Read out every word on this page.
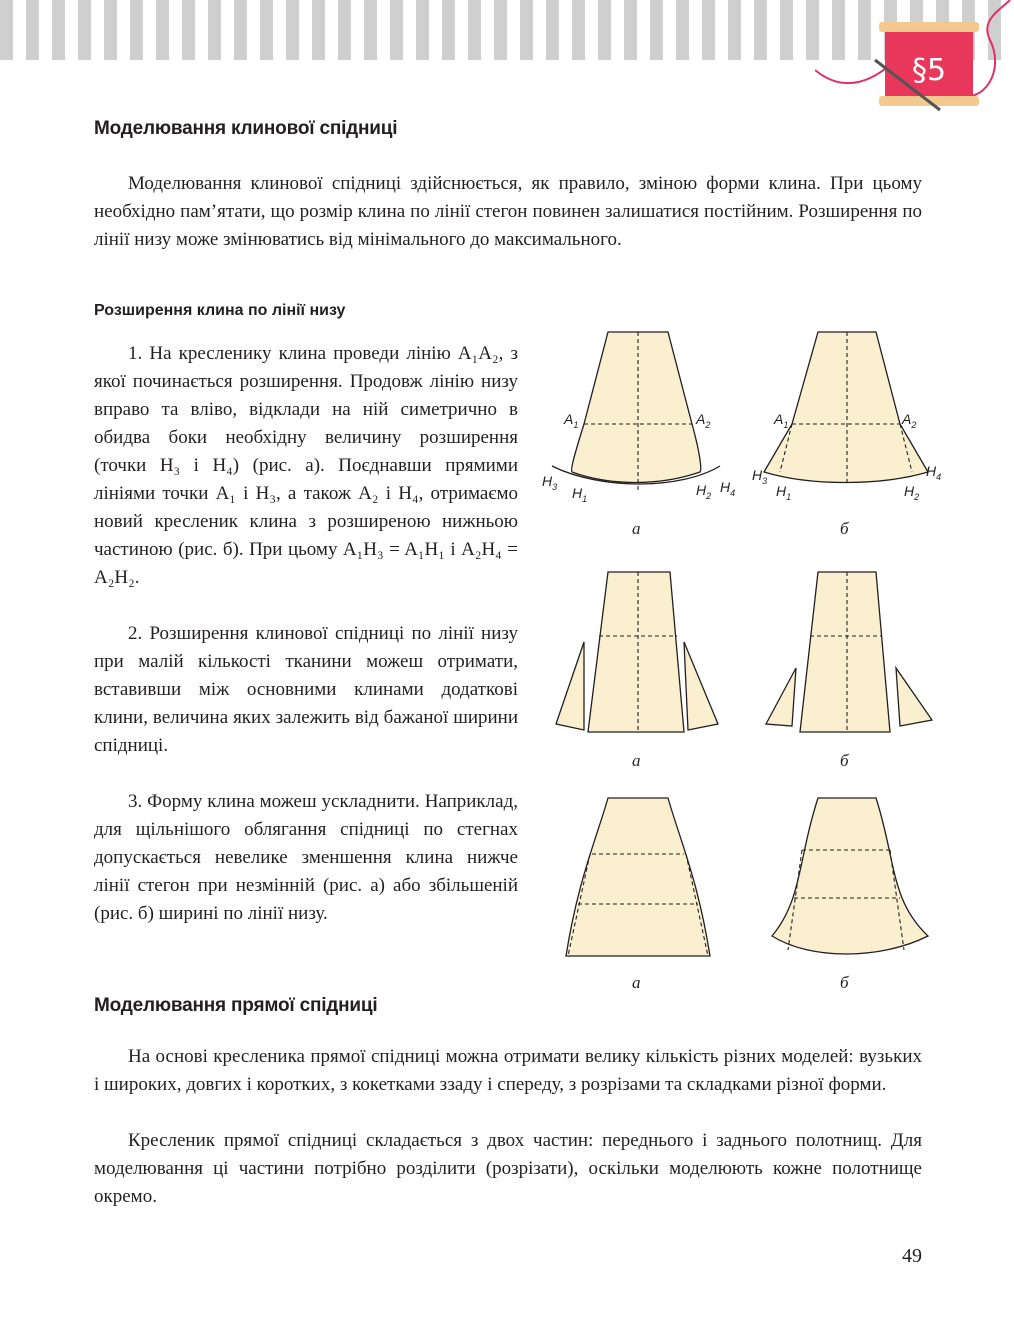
§5
Моделювання клинової спідниці

Моделювання клинової спідниці здійснюється, як правило, зміною форми клина. При цьому необхідно пам’ятати, що розмір клина по лінії стегон повинен залишатися постійним. Розширення по лінії низу може змінюватись від мінімального до максимального.

Розширення клина по лінії низу

1. На кресленику клина проведи лінію A₁A₂, з якої починається розширення. Продовж лінію низу вправо та вліво, відклади на ній симетрично в обидва боки необхідну величину розширення (точки H₃ і H₄) (рис. а). Поєднавши прямими лініями точки A₁ і H₃, а також A₂ і H₄, отримаємо новий кресленик клина з розширеною нижньою частиною (рис. б). При цьому A₁H₃ = A₁H₁ і A₂H₄ = A₂H₂.

2. Розширення клинової спідниці по лінії низу при малій кількості тканини можеш отримати, вставивши між основними клинами додаткові клини, величина яких залежить від бажаної ширини спідниці.

3. Форму клина можеш ускладнити. Наприклад, для щільнішого облягання спідниці по стегнах допускається невелике зменшення клина нижче лінії стегон при незмінній (рис. а) або збільшеній (рис. б) ширині по лінії низу.

$A_1$	$A_2$
$H_3$ $H_1$
$H_2$
$H_4$
а
$A_1$	$A_2$
$H_3$
$H_1$
$H_4$
$H_2$
б
а	б
а	б
Моделювання прямої спідниці

На основі кресленика прямої спідниці можна отримати велику кількість різних моделей: вузьких і широких, довгих і коротких, з кокетками ззаду і спереду, з розрізами та складками різної форми.

Кресленик прямої спідниці складається з двох частин: переднього і заднього полотнищ. Для моделювання ці частини потрібно розділити (розрізати), оскільки моделюють кожне полотнище окремо.

49
